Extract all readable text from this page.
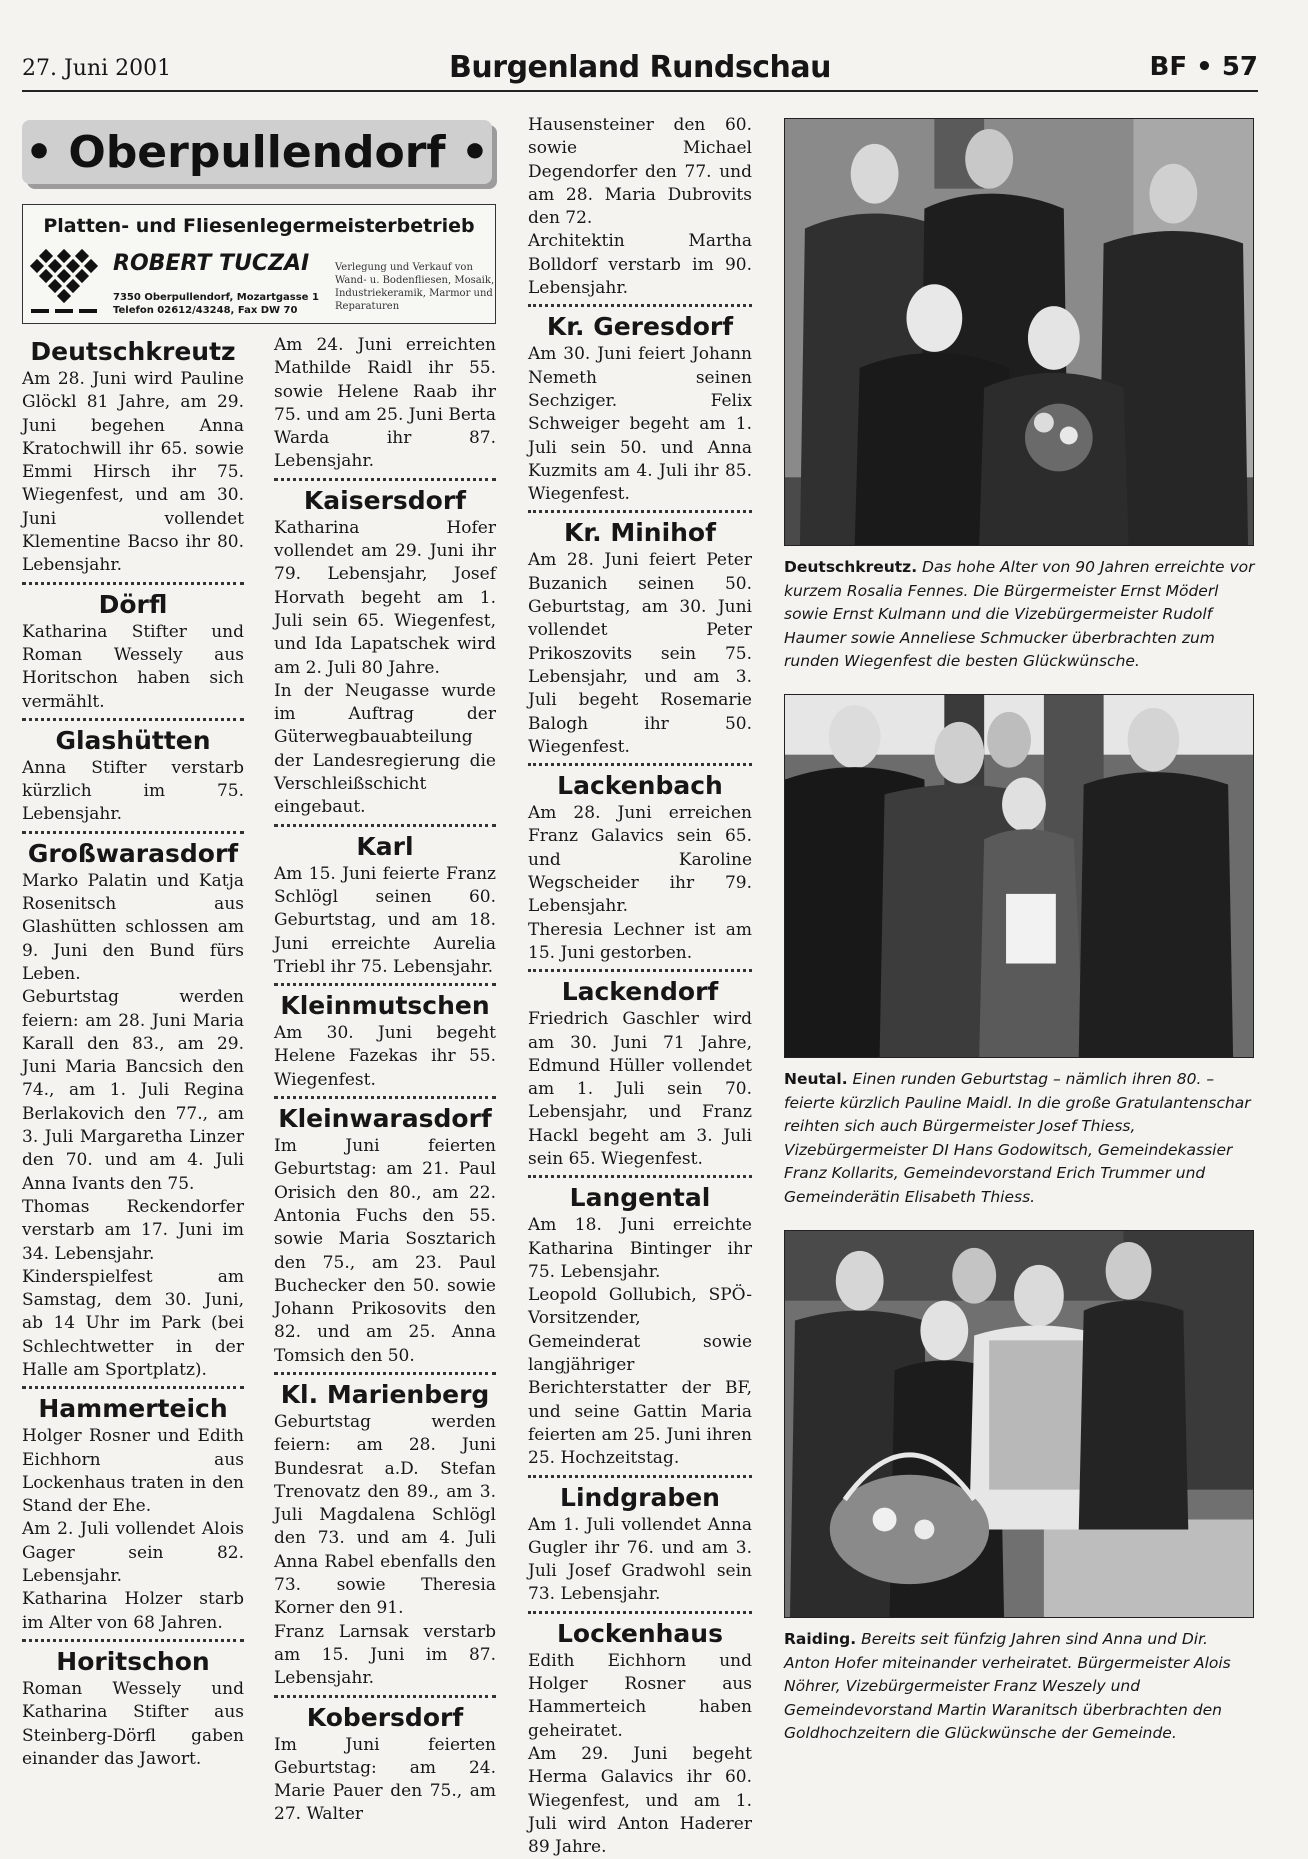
27. Juni 2001	Burgenland Rundschau	BF • 57
• Oberpullendorf •
Platten- und Fliesenlegermeisterbetrieb
ROBERT TUCZAI
7350 Oberpullendorf, Mozartgasse 1
Telefon 02612/43248, Fax DW 70
Verlegung und Verkauf von Wand- u. Bodenfliesen, Mosaik, Industriekeramik, Marmor und Reparaturen
Deutschkreutz

Am 28. Juni wird Pauline Glöckl 81 Jahre, am 29. Juni begehen Anna Kratochwill ihr 65. sowie Emmi Hirsch ihr 75. Wiegenfest, und am 30. Juni vollendet Klementine Bacso ihr 80. Lebensjahr.

Dörfl

Katharina Stifter und Roman Wessely aus Horitschon haben sich vermählt.

Glashütten

Anna Stifter verstarb kürzlich im 75. Lebensjahr.

Großwarasdorf

Marko Palatin und Katja Rosenitsch aus Glashütten schlossen am 9. Juni den Bund fürs Leben.

Geburtstag werden feiern: am 28. Juni Maria Karall den 83., am 29. Juni Maria Bancsich den 74., am 1. Juli Regina Berlakovich den 77., am 3. Juli Margaretha Linzer den 70. und am 4. Juli Anna Ivants den 75.

Thomas Reckendorfer verstarb am 17. Juni im 34. Lebensjahr.

Kinderspielfest am Samstag, dem 30. Juni, ab 14 Uhr im Park (bei Schlechtwetter in der Halle am Sportplatz).

Hammerteich

Holger Rosner und Edith Eichhorn aus Lockenhaus traten in den Stand der Ehe.

Am 2. Juli vollendet Alois Gager sein 82. Lebensjahr.

Katharina Holzer starb im Alter von 68 Jahren.

Horitschon

Roman Wessely und Katharina Stifter aus Steinberg-Dörfl gaben einander das Jawort.

Am 24. Juni erreichten Mathilde Raidl ihr 55. sowie Helene Raab ihr 75. und am 25. Juni Berta Warda ihr 87. Lebensjahr.

Kaisersdorf

Katharina Hofer vollendet am 29. Juni ihr 79. Lebensjahr, Josef Horvath begeht am 1. Juli sein 65. Wiegenfest, und Ida Lapatschek wird am 2. Juli 80 Jahre.

In der Neugasse wurde im Auftrag der Güterwegbauabteilung der Landesregierung die Verschleißschicht eingebaut.

Karl

Am 15. Juni feierte Franz Schlögl seinen 60. Geburtstag, und am 18. Juni erreichte Aurelia Triebl ihr 75. Lebensjahr.

Kleinmutschen

Am 30. Juni begeht Helene Fazekas ihr 55. Wiegenfest.

Kleinwarasdorf

Im Juni feierten Geburtstag: am 21. Paul Orisich den 80., am 22. Antonia Fuchs den 55. sowie Maria Sosztarich den 75., am 23. Paul Buchecker den 50. sowie Johann Prikosovits den 82. und am 25. Anna Tomsich den 50.

Kl. Marienberg

Geburtstag werden feiern: am 28. Juni Bundesrat a.D. Stefan Trenovatz den 89., am 3. Juli Magdalena Schlögl den 73. und am 4. Juli Anna Rabel ebenfalls den 73. sowie Theresia Korner den 91.

Franz Larnsak verstarb am 15. Juni im 87. Lebensjahr.

Kobersdorf

Im Juni feierten Geburtstag: am 24. Marie Pauer den 75., am 27. Walter

Hausensteiner den 60. sowie Michael Degendorfer den 77. und am 28. Maria Dubrovits den 72.

Architektin Martha Bolldorf verstarb im 90. Lebensjahr.

Kr. Geresdorf

Am 30. Juni feiert Johann Nemeth seinen Sechziger. Felix Schweiger begeht am 1. Juli sein 50. und Anna Kuzmits am 4. Juli ihr 85. Wiegenfest.

Kr. Minihof

Am 28. Juni feiert Peter Buzanich seinen 50. Geburtstag, am 30. Juni vollendet Peter Prikoszovits sein 75. Lebensjahr, und am 3. Juli begeht Rosemarie Balogh ihr 50. Wiegenfest.

Lackenbach

Am 28. Juni erreichen Franz Galavics sein 65. und Karoline Wegscheider ihr 79. Lebensjahr.

Theresia Lechner ist am 15. Juni gestorben.

Lackendorf

Friedrich Gaschler wird am 30. Juni 71 Jahre, Edmund Hüller vollendet am 1. Juli sein 70. Lebensjahr, und Franz Hackl begeht am 3. Juli sein 65. Wiegenfest.

Langental

Am 18. Juni erreichte Katharina Bintinger ihr 75. Lebensjahr.

Leopold Gollubich, SPÖ-Vorsitzender, Gemeinderat sowie langjähriger Berichterstatter der BF, und seine Gattin Maria feierten am 25. Juni ihren 25. Hochzeitstag.

Lindgraben

Am 1. Juli vollendet Anna Gugler ihr 76. und am 3. Juli Josef Gradwohl sein 73. Lebensjahr.

Lockenhaus

Edith Eichhorn und Holger Rosner aus Hammerteich haben geheiratet.

Am 29. Juni begeht Herma Galavics ihr 60. Wiegenfest, und am 1. Juli wird Anton Haderer 89 Jahre.

Deutschkreutz. Das hohe Alter von 90 Jahren erreichte vor kurzem Rosalia Fennes. Die Bürgermeister Ernst Möderl sowie Ernst Kulmann und die Vizebürgermeister Rudolf Haumer sowie Anneliese Schmucker überbrachten zum runden Wiegenfest die besten Glückwünsche.
Neutal. Einen runden Geburtstag – nämlich ihren 80. – feierte kürzlich Pauline Maidl. In die große Gratulantenschar reihten sich auch Bürgermeister Josef Thiess, Vizebürgermeister DI Hans Godowitsch, Gemeindekassier Franz Kollarits, Gemeindevorstand Erich Trummer und Gemeinderätin Elisabeth Thiess.
Raiding. Bereits seit fünfzig Jahren sind Anna und Dir. Anton Hofer miteinander verheiratet. Bürgermeister Alois Nöhrer, Vizebürgermeister Franz Weszely und Gemeindevorstand Martin Waranitsch überbrachten den Goldhochzeitern die Glückwünsche der Gemeinde.
